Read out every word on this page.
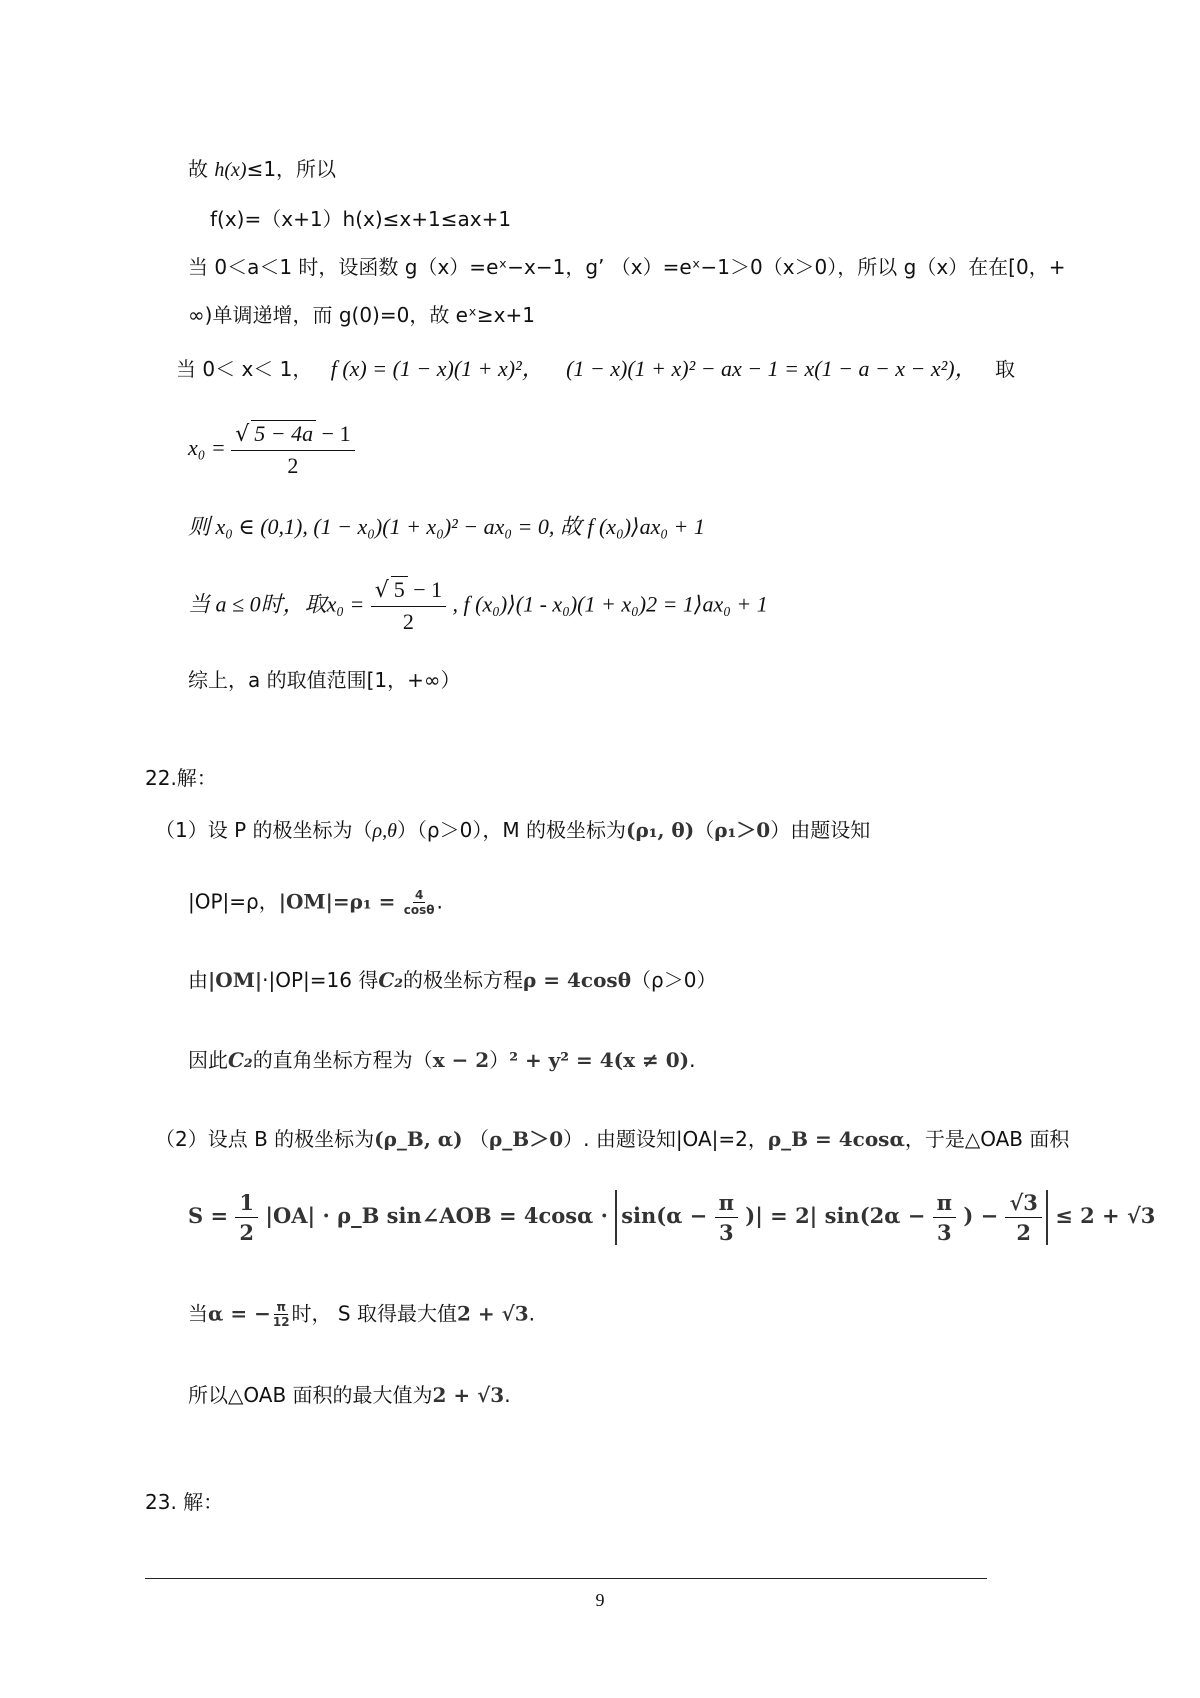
故 h(x)≤1，所以
f(x)=（x+1）h(x)≤x+1≤ax+1
当 0＜a＜1 时，设函数 g（x）=eˣ−x−1，g’ （x）=eˣ−1＞0（x＞0），所以 g（x）在在[0，+
∞)单调递增，而 g(0)=0，故 eˣ≥x+1
当 0＜ x＜ 1， f (x) = (1 − x)(1 + x)²， (1 − x)(1 + x)² − ax − 1 = x(1 − a − x − x²)， 取
$x_0 = \frac{√ 5 - 4a - 1}{2}$
则 x₀ ∈ (0,1), (1 − x₀)(1 + x₀)² − ax₀ = 0, 故 f (x₀)⟩ax₀ + 1
当 a ≤ 0时，取$x_0 = \frac{√ 5 - 1}{2}$ , f (x₀)⟩(1 - x₀)(1 + x₀)2 = 1⟩ax₀ + 1
综上，a 的取值范围[1，+∞）
22.解：
（1）设 P 的极坐标为（ρ,θ）（ρ＞0），M 的极坐标为(ρ₁, θ)（ρ₁＞0）由题设知
|OP|=ρ，$|OM|=\rho_1 = \frac{4}{\cos\theta}$ .
由|OM|·|OP|=16 得C₂的极坐标方程ρ = 4cosθ（ρ＞0）
因此C₂的直角坐标方程为（x − 2）² + y² = 4(x ≠ 0).
（2）设点 B 的极坐标为(ρ_B, α) （ρ_B＞0）. 由题设知|OA|=2，ρ_B = 4cosα，于是△OAB 面积
$S = \frac{1}{2} |OA|$ · ρ_B sin∠AOB = $4\cos\alpha \cdot \sin(\alpha - \frac{\pi}{3}$ )| = 2| $\sin(2\alpha - \frac{\pi}{3}$ ) − $\frac{√3}{2} \le 2 + √3$
当α = − $\frac{\pi}{12}$ 时， S 取得最大值2 + √3.
所以△OAB 面积的最大值为2 + √3.
23. 解：
9
